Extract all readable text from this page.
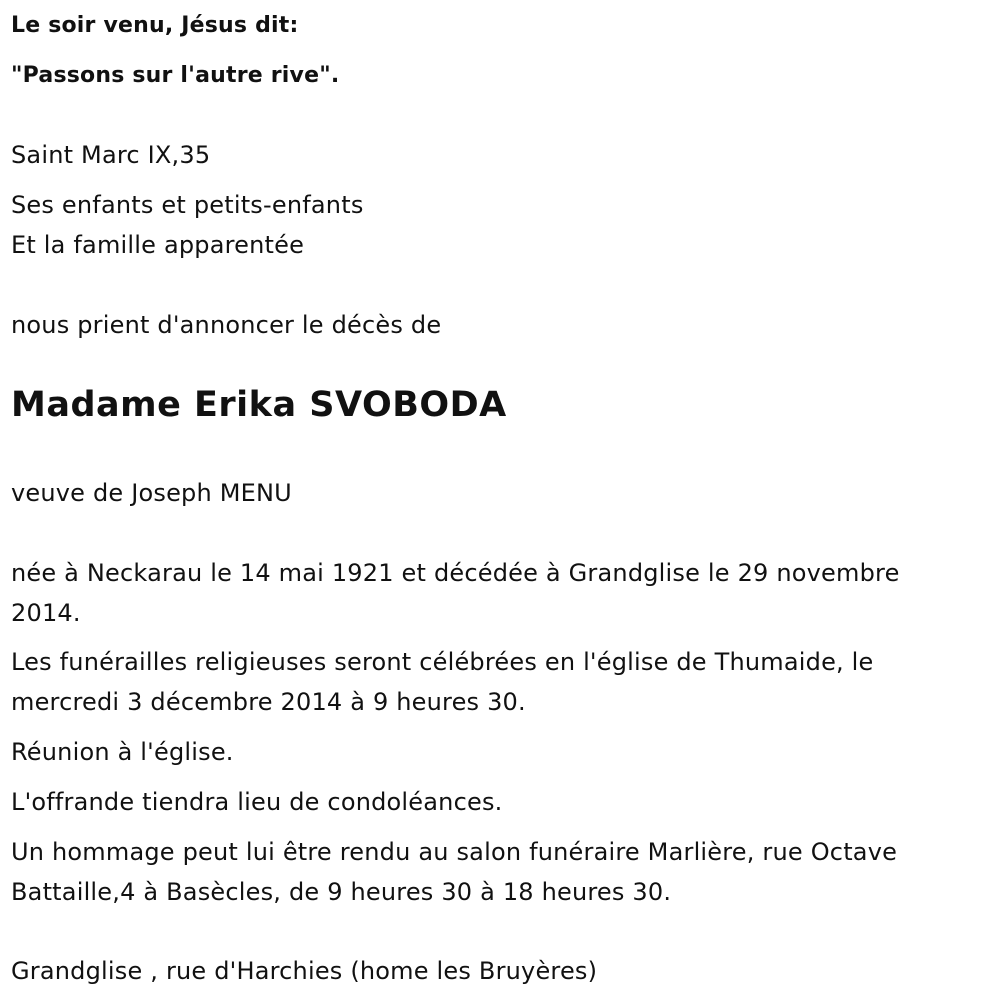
Le soir venu, Jésus dit:
"Passons sur l'autre rive".
Saint Marc IX,35
Ses enfants et petits-enfants
Et la famille apparentée
nous prient d'annoncer le décès de
Madame Erika SVOBODA
veuve de Joseph MENU
née à Neckarau le 14 mai 1921 et décédée à Grandglise le 29 novembre
2014.
Les funérailles religieuses seront célébrées en l'église de Thumaide, le
mercredi 3 décembre 2014 à 9 heures 30.
Réunion à l'église.
L'offrande tiendra lieu de condoléances.
Un hommage peut lui être rendu au salon funéraire Marlière, rue Octave
Battaille,4 à Basècles, de 9 heures 30 à 18 heures 30.
Grandglise , rue d'Harchies (home les Bruyères)
